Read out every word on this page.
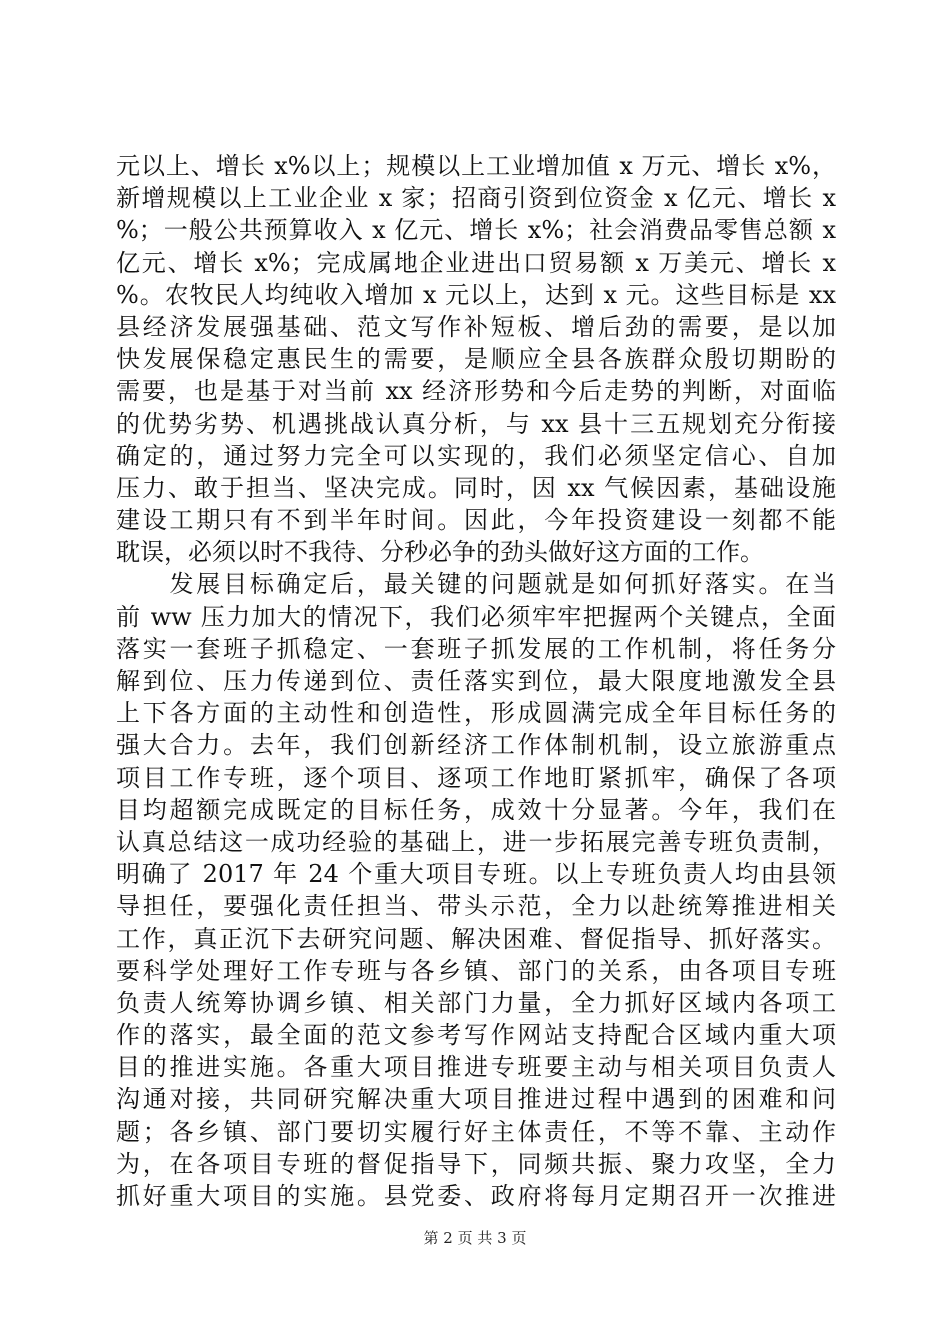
元以上、增长 x%以上；规模以上工业增加值 x 万元、增长 x%，
新增规模以上工业企业 x 家；招商引资到位资金 x 亿元、增长 x
%；一般公共预算收入 x 亿元、增长 x%；社会消费品零售总额 x
亿元、增长 x%；完成属地企业进出口贸易额 x 万美元、增长 x
%。农牧民人均纯收入增加 x 元以上，达到 x 元。这些目标是 xx
县经济发展强基础、范文写作补短板、增后劲的需要，是以加
快发展保稳定惠民生的需要，是顺应全县各族群众殷切期盼的
需要，也是基于对当前 xx 经济形势和今后走势的判断，对面临
的优势劣势、机遇挑战认真分析，与 xx 县十三五规划充分衔接
确定的，通过努力完全可以实现的，我们必须坚定信心、自加
压力、敢于担当、坚决完成。同时，因 xx 气候因素，基础设施
建设工期只有不到半年时间。因此，今年投资建设一刻都不能
耽误，必须以时不我待、分秒必争的劲头做好这方面的工作。
　　发展目标确定后，最关键的问题就是如何抓好落实。在当
前 ww 压力加大的情况下，我们必须牢牢把握两个关键点，全面
落实一套班子抓稳定、一套班子抓发展的工作机制，将任务分
解到位、压力传递到位、责任落实到位，最大限度地激发全县
上下各方面的主动性和创造性，形成圆满完成全年目标任务的
强大合力。去年，我们创新经济工作体制机制，设立旅游重点
项目工作专班，逐个项目、逐项工作地盯紧抓牢，确保了各项
目均超额完成既定的目标任务，成效十分显著。今年，我们在
认真总结这一成功经验的基础上，进一步拓展完善专班负责制，
明确了 2017 年 24 个重大项目专班。以上专班负责人均由县领
导担任，要强化责任担当、带头示范，全力以赴统筹推进相关
工作，真正沉下去研究问题、解决困难、督促指导、抓好落实。
要科学处理好工作专班与各乡镇、部门的关系，由各项目专班
负责人统筹协调乡镇、相关部门力量，全力抓好区域内各项工
作的落实，最全面的范文参考写作网站支持配合区域内重大项
目的推进实施。各重大项目推进专班要主动与相关项目负责人
沟通对接，共同研究解决重大项目推进过程中遇到的困难和问
题；各乡镇、部门要切实履行好主体责任，不等不靠、主动作
为，在各项目专班的督促指导下，同频共振、聚力攻坚，全力
抓好重大项目的实施。县党委、政府将每月定期召开一次推进
第 2 页 共 3 页
